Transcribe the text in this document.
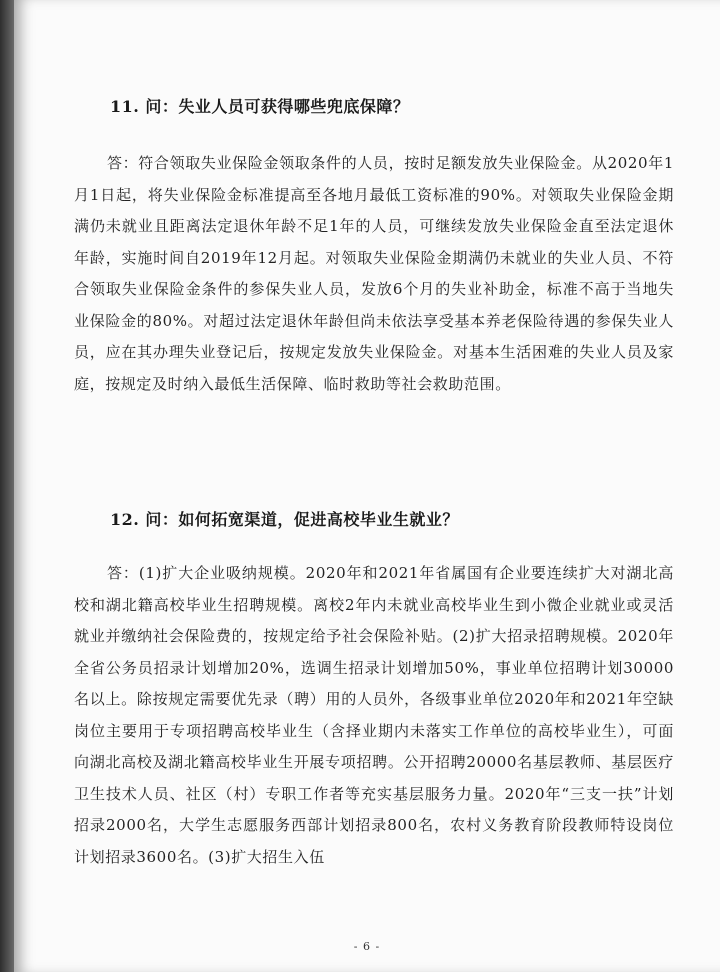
11. 问：失业人员可获得哪些兜底保障？
答：符合领取失业保险金领取条件的人员，按时足额发放失业保险金。从2020年1月1日起，将失业保险金标准提高至各地月最低工资标准的90%。对领取失业保险金期满仍未就业且距离法定退休年龄不足1年的人员，可继续发放失业保险金直至法定退休年龄，实施时间自2019年12月起。对领取失业保险金期满仍未就业的失业人员、不符合领取失业保险金条件的参保失业人员，发放6个月的失业补助金，标准不高于当地失业保险金的80%。对超过法定退休年龄但尚未依法享受基本养老保险待遇的参保失业人员，应在其办理失业登记后，按规定发放失业保险金。对基本生活困难的失业人员及家庭，按规定及时纳入最低生活保障、临时救助等社会救助范围。
12. 问：如何拓宽渠道，促进高校毕业生就业？
答：(1)扩大企业吸纳规模。2020年和2021年省属国有企业要连续扩大对湖北高校和湖北籍高校毕业生招聘规模。离校2年内未就业高校毕业生到小微企业就业或灵活就业并缴纳社会保险费的，按规定给予社会保险补贴。(2)扩大招录招聘规模。2020年全省公务员招录计划增加20%，选调生招录计划增加50%，事业单位招聘计划30000名以上。除按规定需要优先录（聘）用的人员外，各级事业单位2020年和2021年空缺岗位主要用于专项招聘高校毕业生（含择业期内未落实工作单位的高校毕业生），可面向湖北高校及湖北籍高校毕业生开展专项招聘。公开招聘20000名基层教师、基层医疗卫生技术人员、社区（村）专职工作者等充实基层服务力量。2020年“三支一扶”计划招录2000名，大学生志愿服务西部计划招录800名，农村义务教育阶段教师特设岗位计划招录3600名。(3)扩大招生入伍
- 6 -
